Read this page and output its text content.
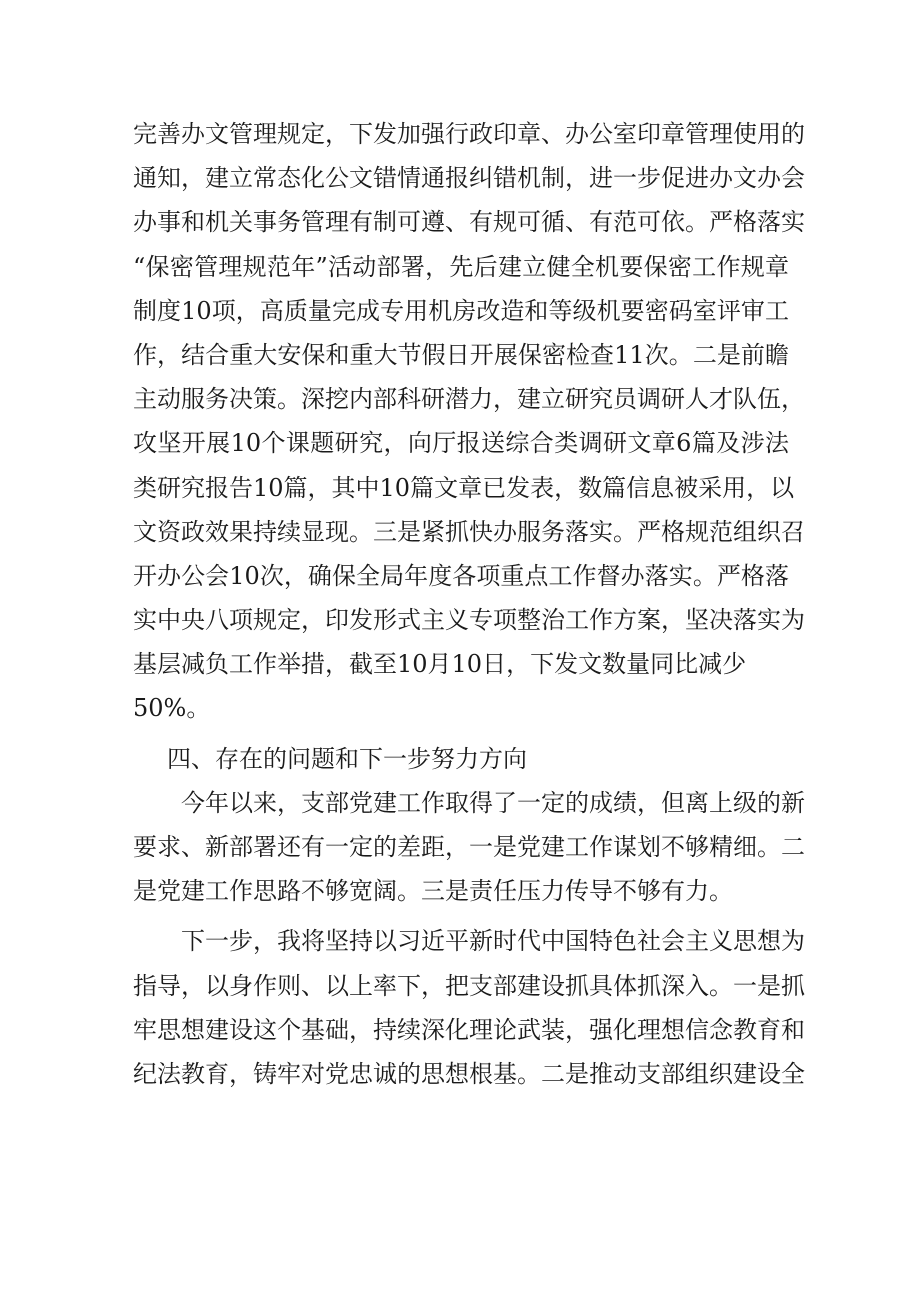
完善办文管理规定，下发加强行政印章、办公室印章管理使用的
通知，建立常态化公文错情通报纠错机制，进一步促进办文办会
办事和机关事务管理有制可遵、有规可循、有范可依。严格落实
“保密管理规范年”活动部署，先后建立健全机要保密工作规章
制度10项，高质量完成专用机房改造和等级机要密码室评审工
作，结合重大安保和重大节假日开展保密检查11次。二是前瞻
主动服务决策。深挖内部科研潜力，建立研究员调研人才队伍，
攻坚开展10个课题研究，向厅报送综合类调研文章6篇及涉法
类研究报告10篇，其中10篇文章已发表，数篇信息被采用，以
文资政效果持续显现。三是紧抓快办服务落实。严格规范组织召
开办公会10次，确保全局年度各项重点工作督办落实。严格落
实中央八项规定，印发形式主义专项整治工作方案，坚决落实为
基层减负工作举措，截至10月10日，下发文数量同比减少
50%。
四、存在的问题和下一步努力方向
今年以来，支部党建工作取得了一定的成绩，但离上级的新
要求、新部署还有一定的差距，一是党建工作谋划不够精细。二
是党建工作思路不够宽阔。三是责任压力传导不够有力。
下一步，我将坚持以习近平新时代中国特色社会主义思想为
指导，以身作则、以上率下，把支部建设抓具体抓深入。一是抓
牢思想建设这个基础，持续深化理论武装，强化理想信念教育和
纪法教育，铸牢对党忠诚的思想根基。二是推动支部组织建设全
